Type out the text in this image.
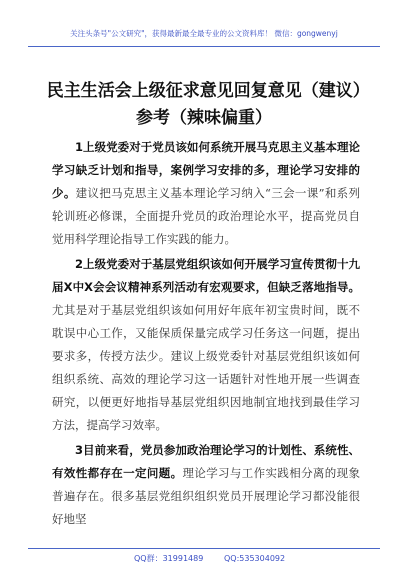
关注头条号"公文研究"，获得最新最全最专业的公文资料库！ 微信：gongwenyj
民主生活会上级征求意见回复意见（建议）参考（辣味偏重）

1上级党委对于党员该如何系统开展马克思主义基本理论学习缺乏计划和指导，案例学习安排的多，理论学习安排的少。建议把马克思主义基本理论学习纳入“三会一课”和系列轮训班必修课，全面提升党员的政治理论水平，提高党员自觉用科学理论指导工作实践的能力。

2上级党委对于基层党组织该如何开展学习宣传贯彻十九届X中X会会议精神系列活动有宏观要求，但缺乏落地指导。尤其是对于基层党组织该如何用好年底年初宝贵时间，既不耽误中心工作，又能保质保量完成学习任务这一问题，提出要求多，传授方法少。建议上级党委针对基层党组织该如何组织系统、高效的理论学习这一话题针对性地开展一些调查研究，以便更好地指导基层党组织因地制宜地找到最佳学习方法，提高学习效率。

3目前来看，党员参加政治理论学习的计划性、系统性、有效性都存在一定问题。理论学习与工作实践相分离的现象普遍存在。很多基层党组织组织党员开展理论学习都没能很好地坚

QQ群：31991489	QQ:535304092
